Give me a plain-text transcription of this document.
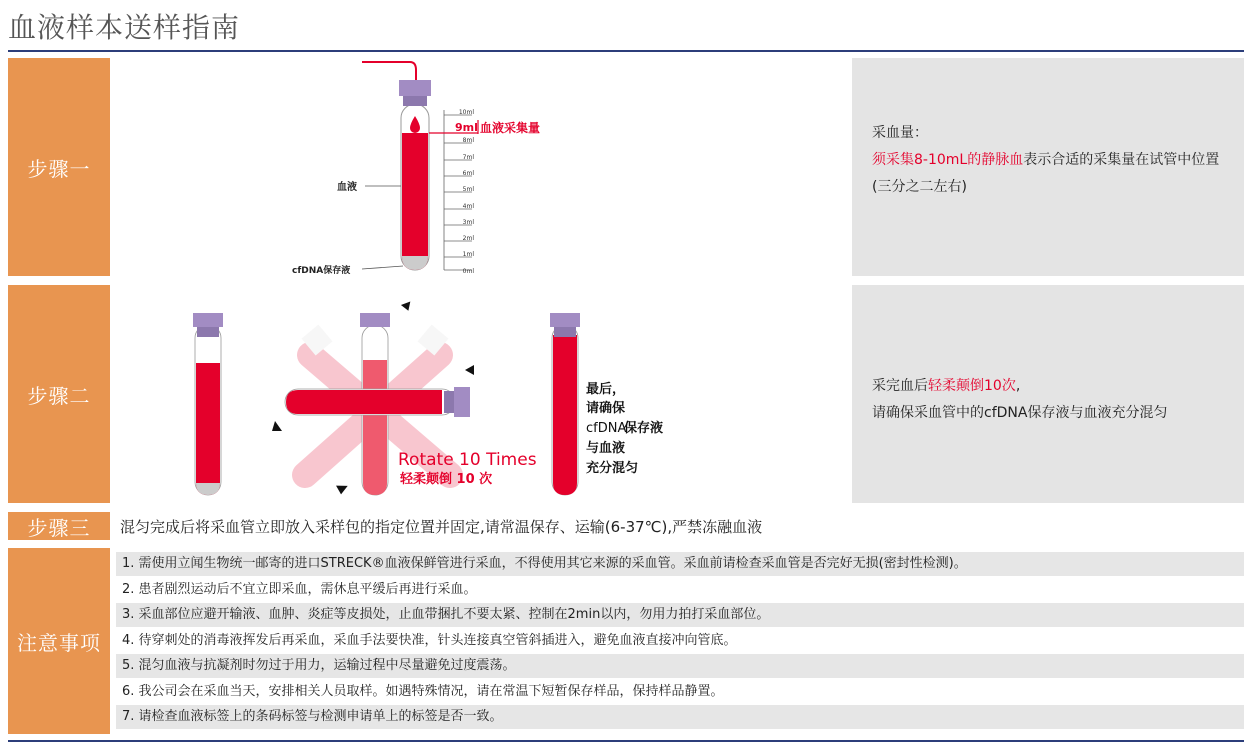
血液样本送样指南
步骤一
10ml
8ml
7ml
6ml
5ml
4ml
3ml
2ml
1ml
0ml
9ml 血液采集量
血液
cfDNA保存液
采血量：
须采集8-10mL的静脉血表示合适的采集量在试管中位置(三分之二左右)
步骤二
Rotate 10 Times
轻柔颠倒 10 次
最后，
请确保
cfDNA
保存液
与血液
充分混匀
采完血后轻柔颠倒10次,
请确保采血管中的cfDNA保存液与血液充分混匀
步骤三	混匀完成后将采血管立即放入采样包的指定位置并固定,请常温保存、运输(6-37℃),严禁冻融血液
注意事项
1. 需使用立闻生物统一邮寄的进口STRECK®血液保鲜管进行采血，不得使用其它来源的采血管。采血前请检查采血管是否完好无损(密封性检测)。
2. 患者剧烈运动后不宜立即采血，需休息平缓后再进行采血。
3. 采血部位应避开输液、血肿、炎症等皮损处，止血带捆扎不要太紧、控制在2min以内，勿用力拍打采血部位。
4. 待穿刺处的消毒液挥发后再采血，采血手法要快准，针头连接真空管斜插进入，避免血液直接冲向管底。
5. 混匀血液与抗凝剂时勿过于用力，运输过程中尽量避免过度震荡。
6. 我公司会在采血当天，安排相关人员取样。如遇特殊情况，请在常温下短暂保存样品，保持样品静置。
7. 请检查血液标签上的条码标签与检测申请单上的标签是否一致。
